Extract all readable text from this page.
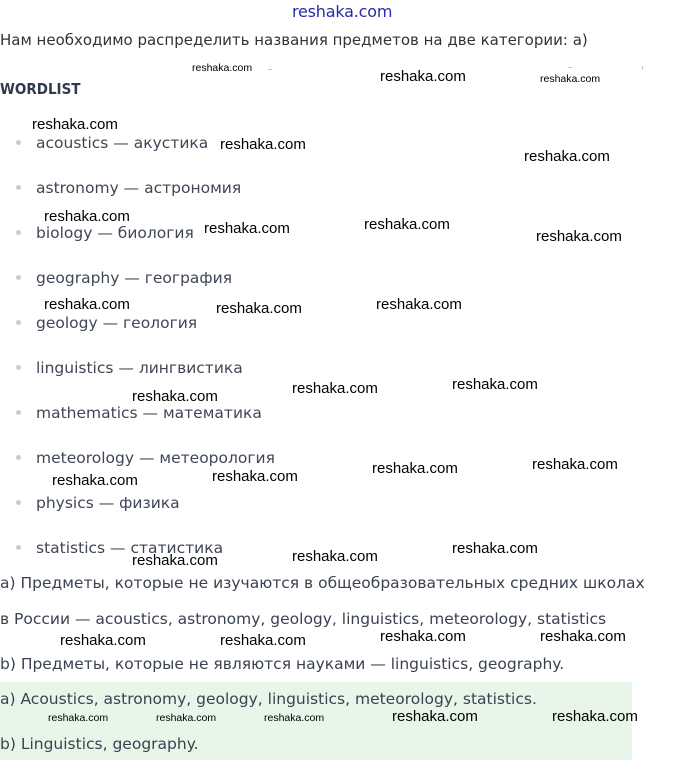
reshaka.com
Нам необходимо распределить названия предметов на две категории: а)
-	-	'
WORDLIST
acoustics — акустика
astronomy — астрономия
biology — биология
geography — география
geology — геология
linguistics — лингвистика
mathematics — математика
meteorology — метеорология
physics — физика
statistics — статистика
а) Предметы, которые не изучаются в общеобразовательных средних школах
в России — acoustics, astronomy, geology, linguistics, meteorology, statistics
b) Предметы, которые не являются науками — linguistics, geography.
a) Acoustics, astronomy, geology, linguistics, meteorology, statistics.
b) Linguistics, geography.
reshaka.com	reshaka.com	reshaka.com
reshaka.com
reshaka.com
reshaka.com
reshaka.com
reshaka.com	reshaka.com
reshaka.com
reshaka.com	reshaka.com	reshaka.com
reshaka.com	reshaka.com	reshaka.com
reshaka.com	reshaka.com
reshaka.com	reshaka.com
reshaka.com	reshaka.com
reshaka.com
reshaka.com	reshaka.com	reshaka.com	reshaka.com
reshaka.com	reshaka.com	reshaka.com	reshaka.com	reshaka.com
